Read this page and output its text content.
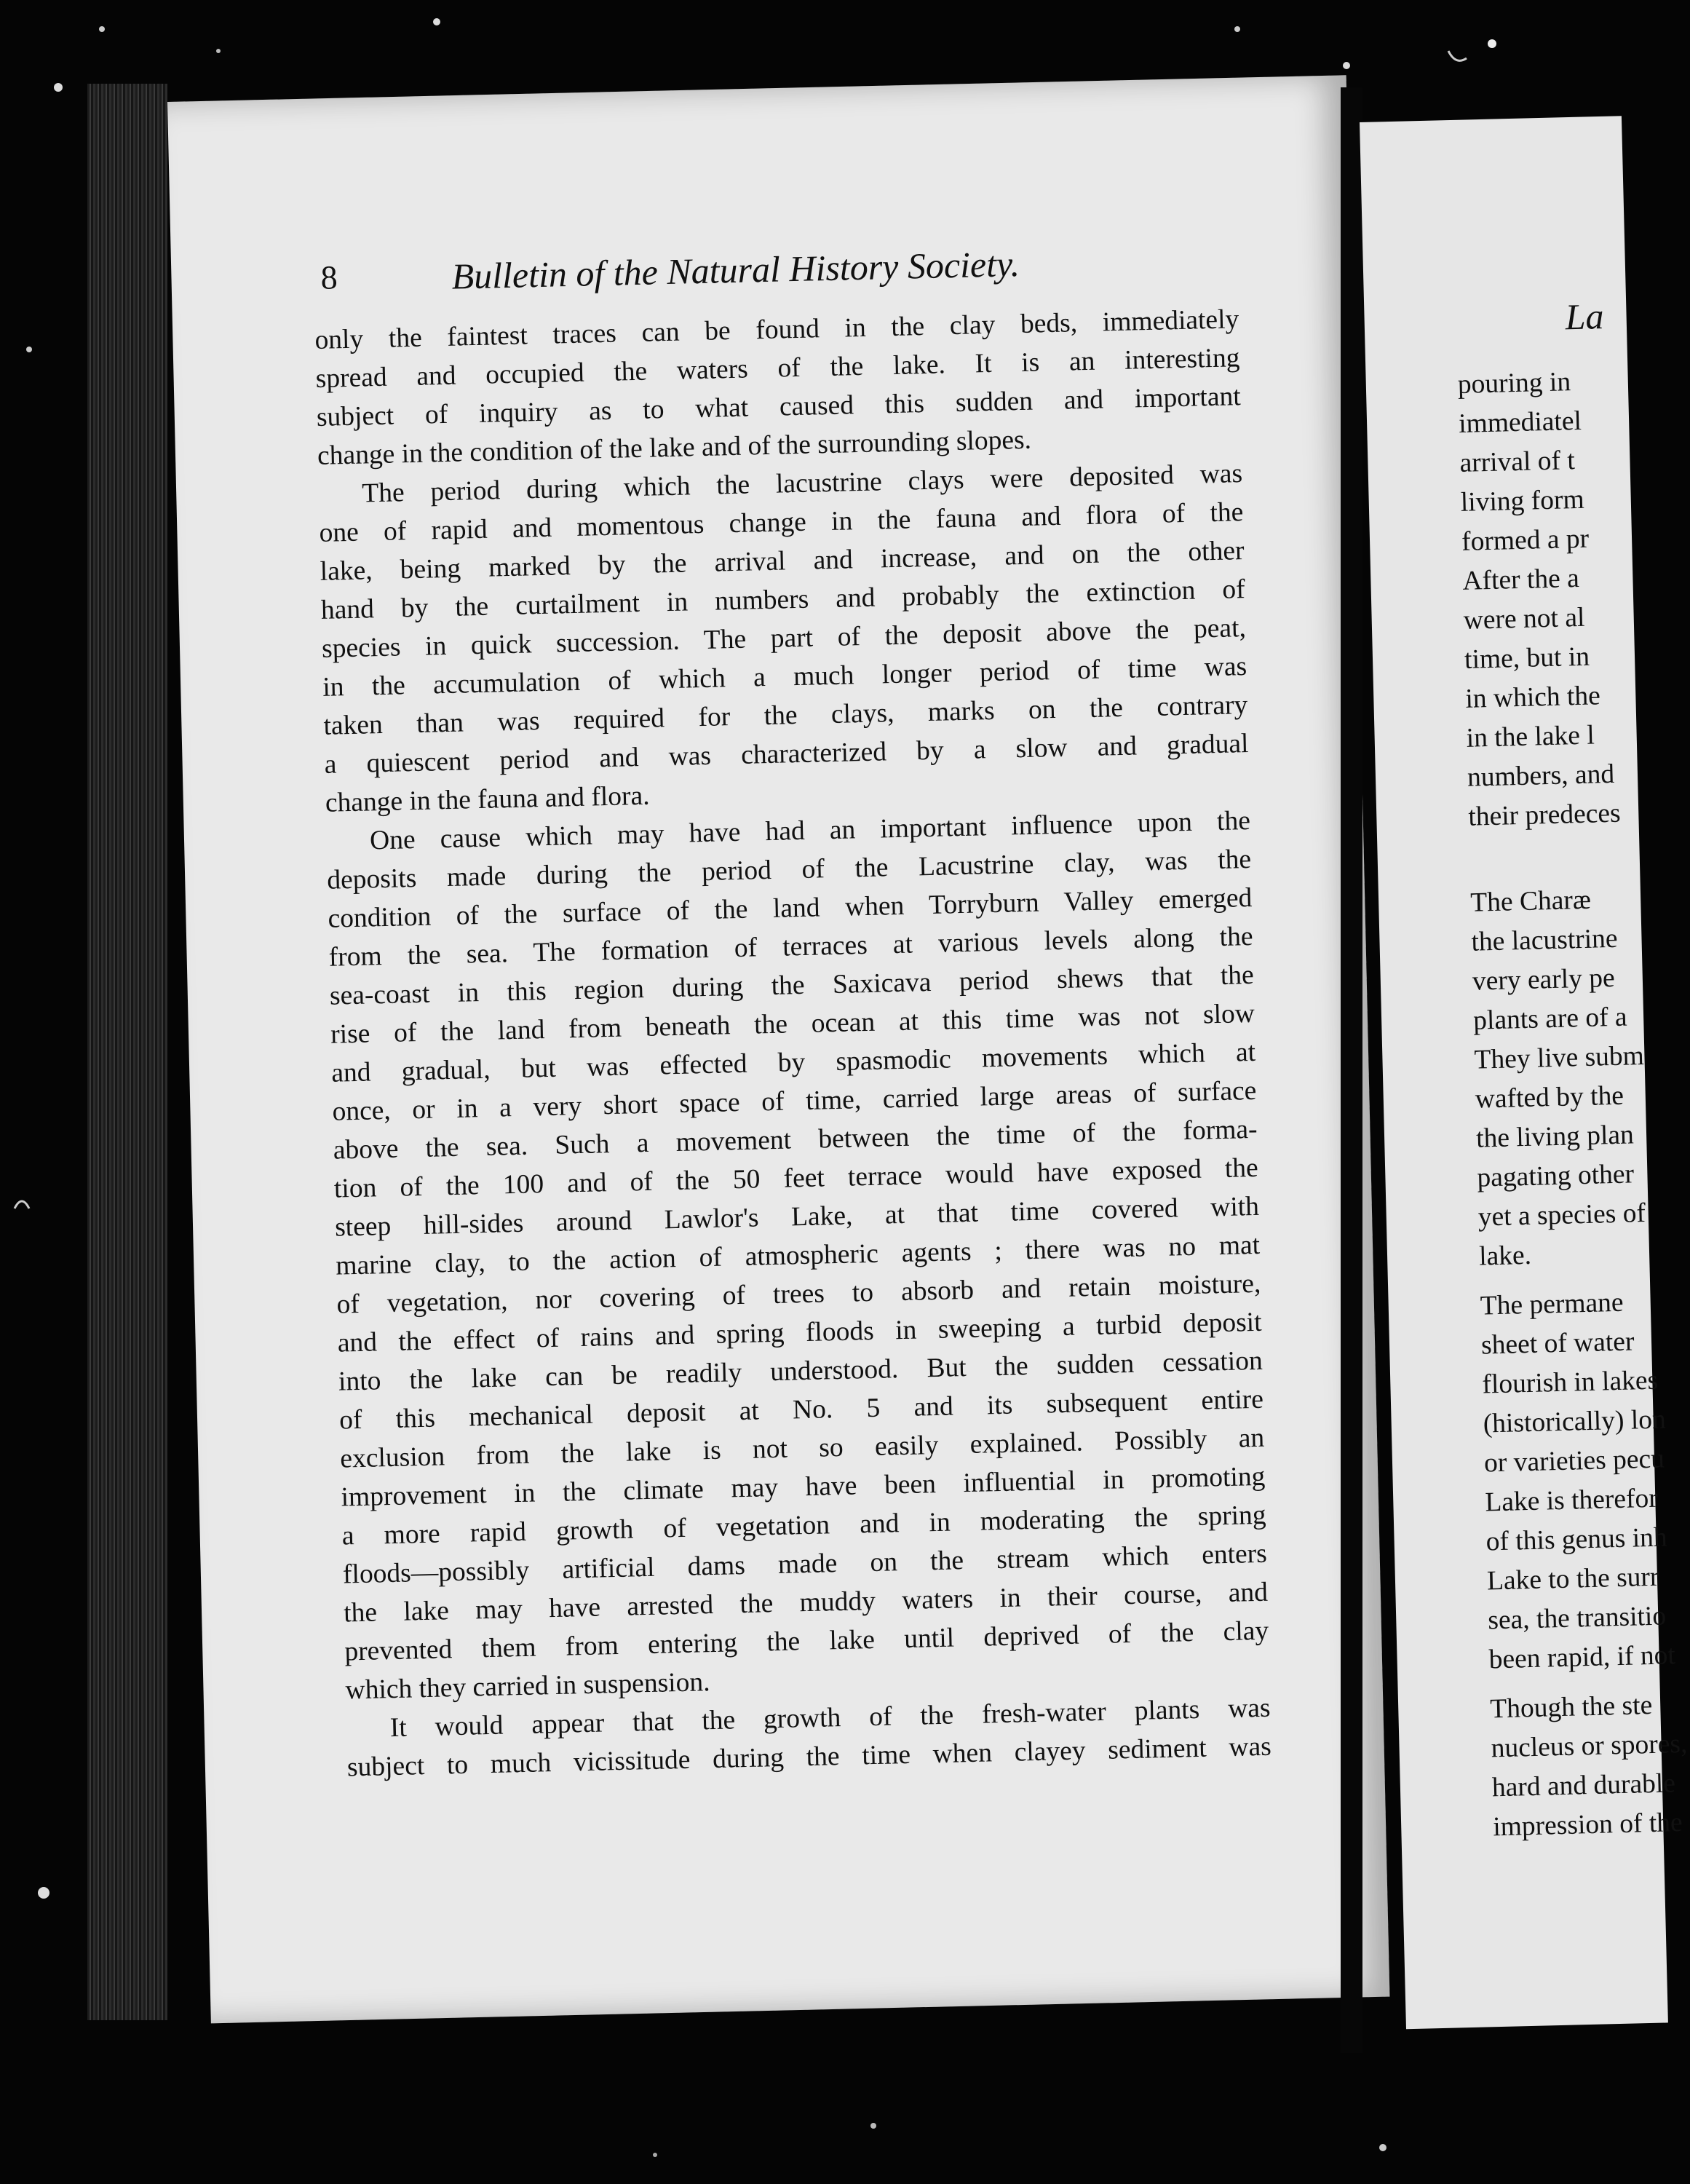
8	Bulletin of the Natural History Society.
only the faintest traces can be found in the clay beds, immediately
spread and occupied the waters of the lake. It is an interesting
subject of inquiry as to what caused this sudden and important
change in the condition of the lake and of the surrounding slopes.
The period during which the lacustrine clays were deposited was
one of rapid and momentous change in the fauna and flora of the
lake, being marked by the arrival and increase, and on the other
hand by the curtailment in numbers and probably the extinction of
species in quick succession. The part of the deposit above the peat,
in the accumulation of which a much longer period of time was
taken than was required for the clays, marks on the contrary
a quiescent period and was characterized by a slow and gradual
change in the fauna and flora.
One cause which may have had an important influence upon the
deposits made during the period of the Lacustrine clay, was the
condition of the surface of the land when Torryburn Valley emerged
from the sea. The formation of terraces at various levels along the
sea-coast in this region during the Saxicava period shews that the
rise of the land from beneath the ocean at this time was not slow
and gradual, but was effected by spasmodic movements which at
once, or in a very short space of time, carried large areas of surface
above the sea. Such a movement between the time of the forma-
tion of the 100 and of the 50 feet terrace would have exposed the
steep hill-sides around Lawlor's Lake, at that time covered with
marine clay, to the action of atmospheric agents ; there was no mat
of vegetation, nor covering of trees to absorb and retain moisture,
and the effect of rains and spring floods in sweeping a turbid deposit
into the lake can be readily understood. But the sudden cessation
of this mechanical deposit at No. 5 and its subsequent entire
exclusion from the lake is not so easily explained. Possibly an
improvement in the climate may have been influential in promoting
a more rapid growth of vegetation and in moderating the spring
floods—possibly artificial dams made on the stream which enters
the lake may have arrested the muddy waters in their course, and
prevented them from entering the lake until deprived of the clay
which they carried in suspension.
It would appear that the growth of the fresh-water plants was
subject to much vicissitude during the time when clayey sediment was
La
pouring in
immediatel
arrival of t
living form
formed a pr
After the a
were not al
time, but in
in which the
in the lake l
numbers, and
their predeces
The Charæ
the lacustrine
very early pe
plants are of a
They live subm
wafted by the
the living plan
pagating other
yet a species of
lake.
The permane
sheet of water
flourish in lakes
(historically) lon
or varieties pecu
Lake is therefor
of this genus inh
Lake to the surr
sea, the transitio
been rapid, if not
Though the ste
nucleus or spores,
hard and durable
impression of the
